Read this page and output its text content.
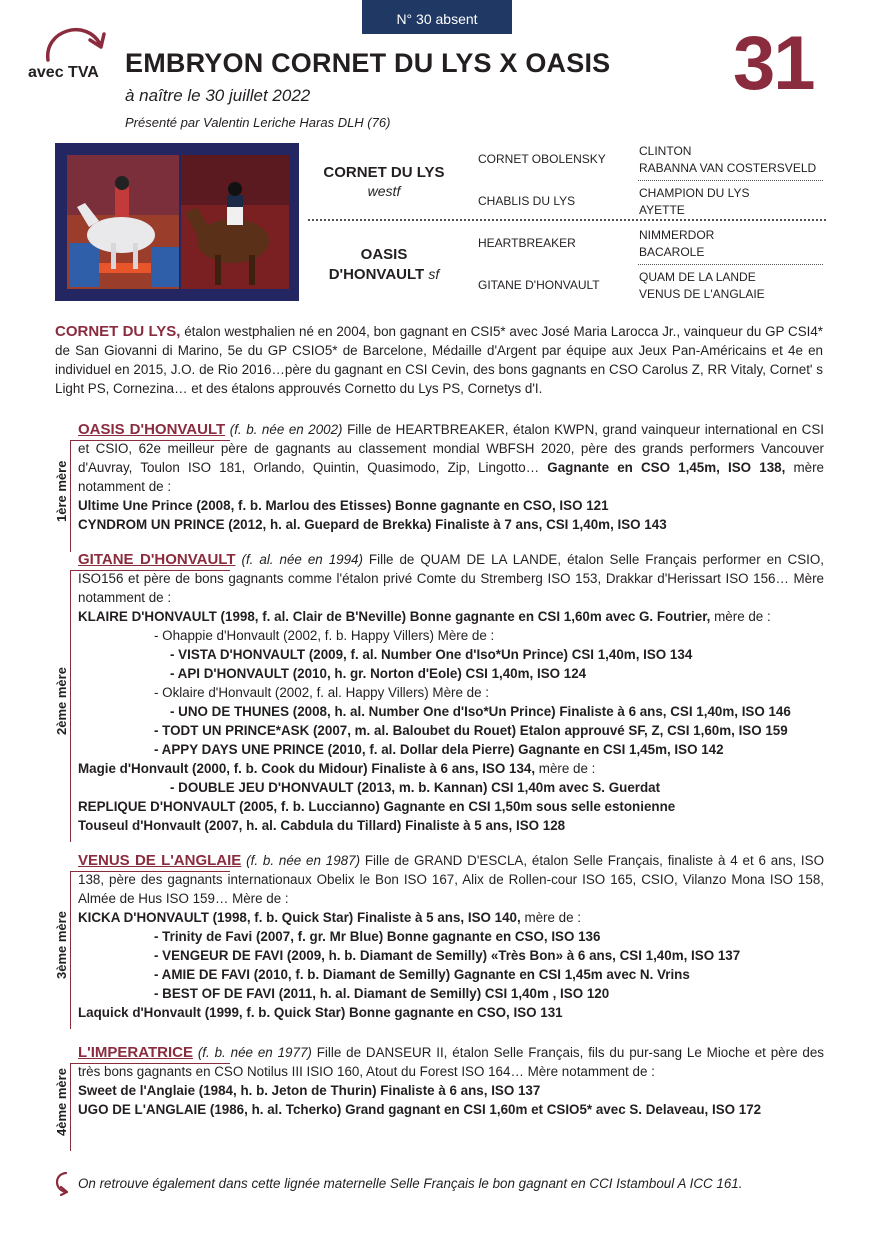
N° 30 absent
avec TVA	31
EMBRYON CORNET DU LYS X OASIS
à naître le 30 juillet 2022
Présenté par Valentin Leriche Haras DLH (76)
CORNET DU LYS
westf
OASIS
D'HONVAULT sf
CORNET OBOLENSKY
CHABLIS DU LYS
HEARTBREAKER
GITANE D'HONVAULT
CLINTON
RABANNA VAN COSTERSVELD
CHAMPION DU LYS
AYETTE
NIMMERDOR
BACAROLE
QUAM DE LA LANDE
VENUS DE L'ANGLAIE
CORNET DU LYS, étalon westphalien né en 2004, bon gagnant en CSI5* avec José Maria Larocca Jr., vainqueur du GP CSI4* de San Giovanni di Marino, 5e du GP CSIO5* de Barcelone, Médaille d'Argent par équipe aux Jeux Pan-Américains et 4e en individuel en 2015, J.O. de Rio 2016…père du gagnant en CSI Cevin, des bons gagnants en CSO Carolus Z, RR Vitaly, Cornet' s Light PS, Cornezina… et des étalons approuvés Cornetto du Lys PS, Cornetys d'I.
1ère mère
OASIS D'HONVAULT (f. b. née en 2002) Fille de HEARTBREAKER, étalon KWPN, grand vainqueur international en CSI et CSIO, 62e meilleur père de gagnants au classement mondial WBFSH 2020, père des grands performers Vancouver d'Auvray, Toulon ISO 181, Orlando, Quintin, Quasimodo, Zip, Lingotto… Gagnante en CSO 1,45m, ISO 138, mère notamment de :
Ultime Une Prince (2008, f. b. Marlou des Etisses) Bonne gagnante en CSO, ISO 121
CYNDROM UN PRINCE (2012, h. al. Guepard de Brekka) Finaliste à 7 ans, CSI 1,40m, ISO 143
2ème mère
GITANE D'HONVAULT (f. al. née en 1994) Fille de QUAM DE LA LANDE, étalon Selle Français performer en CSIO, ISO156 et père de bons gagnants comme l'étalon privé Comte du Stremberg ISO 153, Drakkar d'Herissart ISO 156… Mère notamment de :
KLAIRE D'HONVAULT (1998, f. al. Clair de B'Neville) Bonne gagnante en CSI 1,60m avec G. Foutrier, mère de :
- Ohappie d'Honvault (2002, f. b. Happy Villers) Mère de :
- VISTA D'HONVAULT (2009, f. al. Number One d'Iso*Un Prince) CSI 1,40m, ISO 134
- API D'HONVAULT (2010, h. gr. Norton d'Eole) CSI 1,40m, ISO 124
- Oklaire d'Honvault (2002, f. al. Happy Villers) Mère de :
- UNO DE THUNES (2008, h. al. Number One d'Iso*Un Prince) Finaliste à 6 ans, CSI 1,40m, ISO 146
- TODT UN PRINCE*ASK (2007, m. al. Baloubet du Rouet) Etalon approuvé SF, Z, CSI 1,60m, ISO 159
- APPY DAYS UNE PRINCE (2010, f. al. Dollar dela Pierre) Gagnante en CSI 1,45m, ISO 142
Magie d'Honvault (2000, f. b. Cook du Midour) Finaliste à 6 ans, ISO 134, mère de :
- DOUBLE JEU D'HONVAULT (2013, m. b. Kannan) CSI 1,40m avec S. Guerdat
REPLIQUE D'HONVAULT (2005, f. b. Luccianno) Gagnante en CSI 1,50m sous selle estonienne
Touseul d'Honvault (2007, h. al. Cabdula du Tillard) Finaliste à 5 ans, ISO 128
3ème mère
VENUS DE L'ANGLAIE (f. b. née en 1987) Fille de GRAND D'ESCLA, étalon Selle Français, finaliste à 4 et 6 ans, ISO 138, père des gagnants internationaux Obelix le Bon ISO 167, Alix de Rollen-cour ISO 165, CSIO, Vilanzo Mona ISO 158, Almée de Hus ISO 159… Mère de :
KICKA D'HONVAULT (1998, f. b. Quick Star) Finaliste à 5 ans, ISO 140, mère de :
- Trinity de Favi (2007, f. gr. Mr Blue) Bonne gagnante en CSO, ISO 136
- VENGEUR DE FAVI (2009, h. b. Diamant de Semilly) «Très Bon» à 6 ans, CSI 1,40m, ISO 137
- AMIE DE FAVI (2010, f. b. Diamant de Semilly) Gagnante en CSI 1,45m avec N. Vrins
- BEST OF DE FAVI (2011, h. al. Diamant de Semilly) CSI 1,40m , ISO 120
Laquick d'Honvault (1999, f. b. Quick Star) Bonne gagnante en CSO, ISO 131
4ème mère
L'IMPERATRICE (f. b. née en 1977) Fille de DANSEUR II, étalon Selle Français, fils du pur-sang Le Mioche et père des très bons gagnants en CSO Notilus III ISIO 160, Atout du Forest ISO 164… Mère notamment de :
Sweet de l'Anglaie (1984, h. b. Jeton de Thurin) Finaliste à 6 ans, ISO 137
UGO DE L'ANGLAIE (1986, h. al. Tcherko) Grand gagnant en CSI 1,60m et CSIO5* avec S. Delaveau, ISO 172
On retrouve également dans cette lignée maternelle Selle Français le bon gagnant en CCI Istamboul A ICC 161.
